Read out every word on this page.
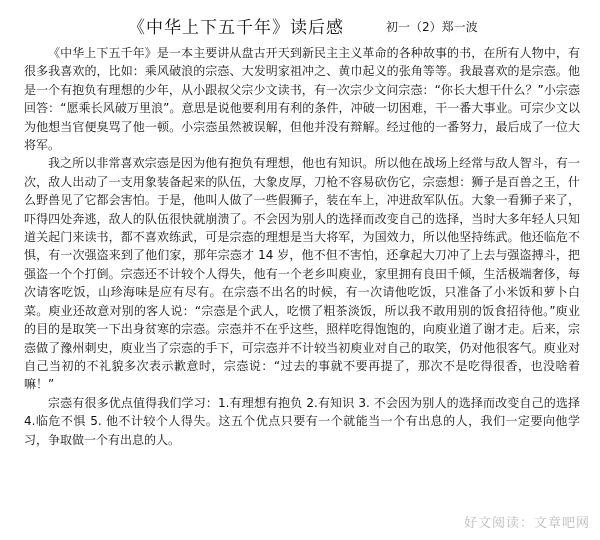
《中华上下五千年》读后感	初一（2）郑一波

《中华上下五千年》是一本主要讲从盘古开天到新民主主义革命的各种故事的书，在所有人物中，有很多我喜欢的，比如：乘风破浪的宗悫、大发明家祖冲之、黄巾起义的张角等等。我最喜欢的是宗悫。他是一个有抱负有理想的少年，从小跟叔父宗少文读书，有一次宗少文问宗悫：“你长大想干什么？”小宗悫回答：“愿乘长风破万里浪”。意思是说他要利用有利的条件，冲破一切困难，干一番大事业。可宗少文以为他想当官便臭骂了他一顿。小宗悫虽然被误解，但他并没有辩解。经过他的一番努力，最后成了一位大将军。

我之所以非常喜欢宗悫是因为他有抱负有理想，他也有知识。所以他在战场上经常与敌人智斗，有一次，敌人出动了一支用象装备起来的队伍，大象皮厚，刀枪不容易砍伤它，宗悫想：狮子是百兽之王，什么野兽见了它都会害怕。于是，他叫人做了一些假狮子，装在车上，冲进敌军队伍。大象一看狮子来了，吓得四处奔逃，敌人的队伍很快就崩溃了。不会因为别人的选择而改变自己的选择，当时大多年轻人只知道关起门来读书，都不喜欢练武，可是宗悫的理想是当大将军，为国效力，所以他坚持练武。他还临危不惧，有一次强盗来到了他们家，那年宗悫才 14 岁，他不但不害怕，还拿起大刀冲了上去与强盗搏斗，把强盗一个个打倒。宗悫还不计较个人得失，他有一个老乡叫庾业，家里拥有良田千倾，生活极端奢侈，每次请客吃饭，山珍海味是应有尽有。在宗悫不出名的时候，有一次请他吃饭，只准备了小米饭和萝卜白菜。庾业还故意对别的客人说：“宗悫是个武人，吃惯了粗茶淡饭，所以我不敢用别的饭食招待他。”庾业的目的是取笑一下出身贫寒的宗悫。宗悫并不在乎这些，照样吃得饱饱的，向庾业道了谢才走。后来，宗悫做了豫州刺史，庾业当了宗悫的手下，可宗悫并不计较当初庾业对自己的取笑，仍对他很客气。庾业对自己当初的不礼貌多次表示歉意时，宗悫说：“过去的事就不要再提了，那次不是吃得很香，也没啥着嘛！”

宗悫有很多优点值得我们学习：1.有理想有抱负 2.有知识 3. 不会因为别人的选择而改变自己的选择 4.临危不惧 5. 他不计较个人得失。这五个优点只要有一个就能当一个有出息的人，我们一定要向他学习，争取做一个有出息的人。

好文阅读：文章吧网
